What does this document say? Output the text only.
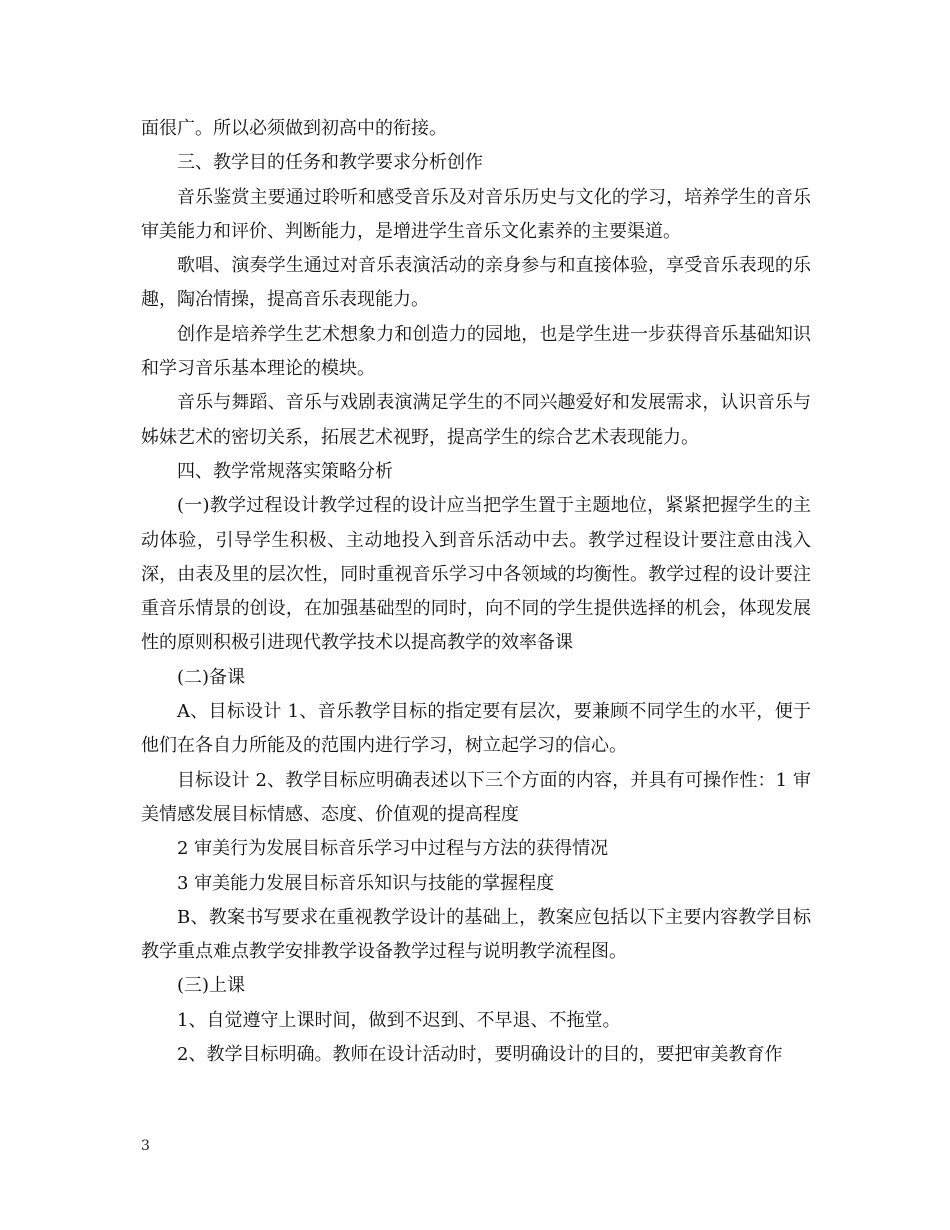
面很广。所以必须做到初高中的衔接。

三、教学目的任务和教学要求分析创作

音乐鉴赏主要通过聆听和感受音乐及对音乐历史与文化的学习，培养学生的音乐审美能力和评价、判断能力，是增进学生音乐文化素养的主要渠道。

歌唱、演奏学生通过对音乐表演活动的亲身参与和直接体验，享受音乐表现的乐趣，陶冶情操，提高音乐表现能力。

创作是培养学生艺术想象力和创造力的园地，也是学生进一步获得音乐基础知识和学习音乐基本理论的模块。

音乐与舞蹈、音乐与戏剧表演满足学生的不同兴趣爱好和发展需求，认识音乐与姊妹艺术的密切关系，拓展艺术视野，提高学生的综合艺术表现能力。

四、教学常规落实策略分析

(一)教学过程设计教学过程的设计应当把学生置于主题地位，紧紧把握学生的主动体验，引导学生积极、主动地投入到音乐活动中去。教学过程设计要注意由浅入深，由表及里的层次性，同时重视音乐学习中各领域的均衡性。教学过程的设计要注重音乐情景的创设，在加强基础型的同时，向不同的学生提供选择的机会，体现发展性的原则积极引进现代教学技术以提高教学的效率备课

(二)备课

A、目标设计 1、音乐教学目标的指定要有层次，要兼顾不同学生的水平，便于他们在各自力所能及的范围内进行学习，树立起学习的信心。

目标设计 2、教学目标应明确表述以下三个方面的内容，并具有可操作性：1 审美情感发展目标情感、态度、价值观的提高程度

2 审美行为发展目标音乐学习中过程与方法的获得情况

3 审美能力发展目标音乐知识与技能的掌握程度

B、教案书写要求在重视教学设计的基础上，教案应包括以下主要内容教学目标教学重点难点教学安排教学设备教学过程与说明教学流程图。

(三)上课

1、自觉遵守上课时间，做到不迟到、不早退、不拖堂。

2、教学目标明确。教师在设计活动时，要明确设计的目的，要把审美教育作

3
